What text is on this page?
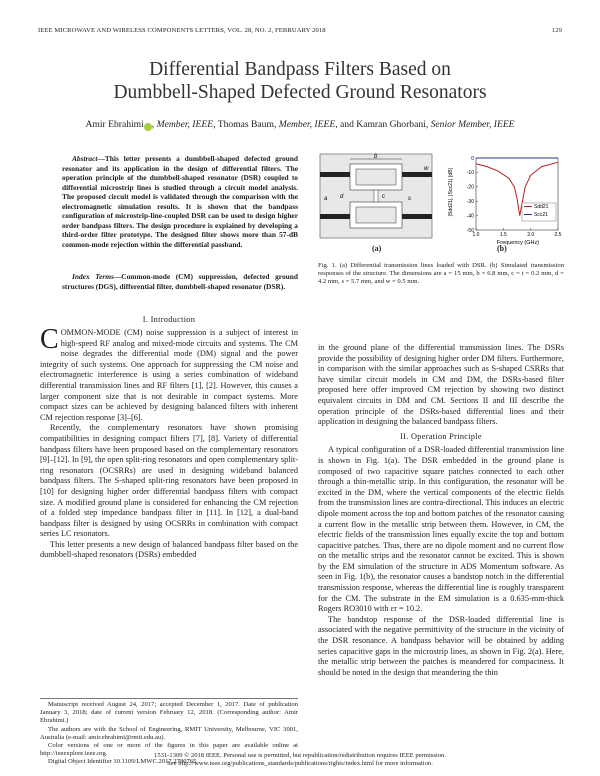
IEEE MICROWAVE AND WIRELESS COMPONENTS LETTERS, VOL. 28, NO. 2, FEBRUARY 2018	129
Differential Bandpass Filters Based on
Dumbbell-Shaped Defected Ground Resonators
Amir Ebrahimi , Member, IEEE, Thomas Baum, Member, IEEE, and Kamran Ghorbani, Senior Member, IEEE
Abstract—This letter presents a dumbbell-shaped defected ground resonator and its application in the design of differential filters. The operation principle of the dumbbell-shaped resonator (DSR) coupled to differential microstrip lines is studied through a circuit model analysis. The proposed circuit model is validated through the comparison with the electromagnetic simulation results. It is shown that the bandpass configuration of microstrip-line-coupled DSR can be used to design higher order bandpass filters. The design procedure is explained by developing a third-order filter prototype. The designed filter shows more than 57-dB common-mode rejection within the differential passband.
Index Terms—Common-mode (CM) suppression, defected ground structures (DGS), differential filter, dumbbell-shaped resonator (DSR).
I. Introduction

COMMON-MODE (CM) noise suppression is a subject of interest in high-speed RF analog and mixed-mode circuits and systems. The CM noise degrades the differential mode (DM) signal and the power integrity of such systems. One approach for suppressing the CM noise and electromagnetic interference is using a series combination of wideband differential transmission lines and RF filters [1], [2]. However, this causes a larger component size that is not desirable in compact systems. More compact sizes can be achieved by designing balanced filters with inherent CM rejection response [3]–[6].

Recently, the complementary resonators have shown promising compatibilities in designing compact filters [7], [8]. Variety of differential bandpass filters have been proposed based on the complementary resonators [9]–[12]. In [9], the open split-ring resonators and open complementary split-ring resonators (OCSRRs) are used in designing wideband balanced bandpass filters. The S-shaped split-ring resonators have been proposed in [10] for designing higher order differential bandpass filters with compact size. A modified ground plane is considered for enhancing the CM rejection of a folded step impedance bandpass filter in [11]. In [12], a dual-band bandpass filter is designed by using OCSRRs in combination with compact series LC resonators.

This letter presents a new design of balanced bandpass filter based on the dumbbell-shaped resonators (DSRs) embedded

Manuscript received August 24, 2017; accepted December 1, 2017. Date of publication January 3, 2018; date of current version February 12, 2018. (Corresponding author: Amir Ebrahimi.)

The authors are with the School of Engineering, RMIT University, Melbourne, VIC 3001, Australia (e-mail: amir.ebrahimi@rmit.edu.au).

Color versions of one or more of the figures in this paper are available online at http://ieeexplore.ieee.org.

Digital Object Identifier 10.1109/LMWC.2017.2780765

b
w
a d	s
c
(a)
1.0	1.5	2.0	2.5
0
-10
-20
-30
-40
-50
Sdd21
Scc21
Frequency (GHz)
|Sdd21|, |Scc21| (dB)
(b)
Fig. 1. (a) Differential transmission lines loaded with DSR. (b) Simulated transmission responses of the structure. The dimensions are a = 15 mm, b = 6.8 mm, c = t = 0.2 mm, d = 4.2 mm, s = 5.7 mm, and w = 0.5 mm.

in the ground plane of the differential transmission lines. The DSRs provide the possibility of designing higher order DM filters. Furthermore, in comparison with the similar approaches such as S-shaped CSRRs that have similar circuit models in CM and DM, the DSRs-based filter proposed here offer improved CM rejection by showing two distinct equivalent circuits in DM and CM. Sections II and III describe the operation principle of the DSRs-based differential lines and their application in designing the balanced bandpass filters.

II. Operation Principle

A typical configuration of a DSR-loaded differential transmission line is shown in Fig. 1(a). The DSR embedded in the ground plane is composed of two capacitive square patches connected to each other through a thin-metallic strip. In this configuration, the resonator will be excited in the DM, where the vertical components of the electric fields from the transmission lines are contra-directional. This induces an electric dipole moment across the top and bottom patches of the resonator causing a current flow in the metallic strip between them. However, in CM, the electric fields of the transmission lines equally excite the top and bottom capacitive patches. Thus, there are no dipole moment and no current flow on the metallic strips and the resonator cannot be excited. This is shown by the EM simulation of the structure in ADS Momentum software. As seen in Fig. 1(b), the resonator causes a bandstop notch in the differential transmission response, whereas the differential line is roughly transparent for the CM. The substrate in the EM simulation is a 0.635-mm-thick Rogers RO3010 with εr = 10.2.

The bandstop response of the DSR-loaded differential line is associated with the negative permittivity of the structure in the vicinity of the DSR resonance. A bandpass behavior will be obtained by adding series capacitive gaps in the microstrip lines, as shown in Fig. 2(a). Here, the metallic strip between the patches is meandered for compactness. It should be noted in the design that meandering the thin

1531-1309 © 2018 IEEE. Personal use is permitted, but republication/redistribution requires IEEE permission.
See http://www.ieee.org/publications_standards/publications/rights/index.html for more information.
